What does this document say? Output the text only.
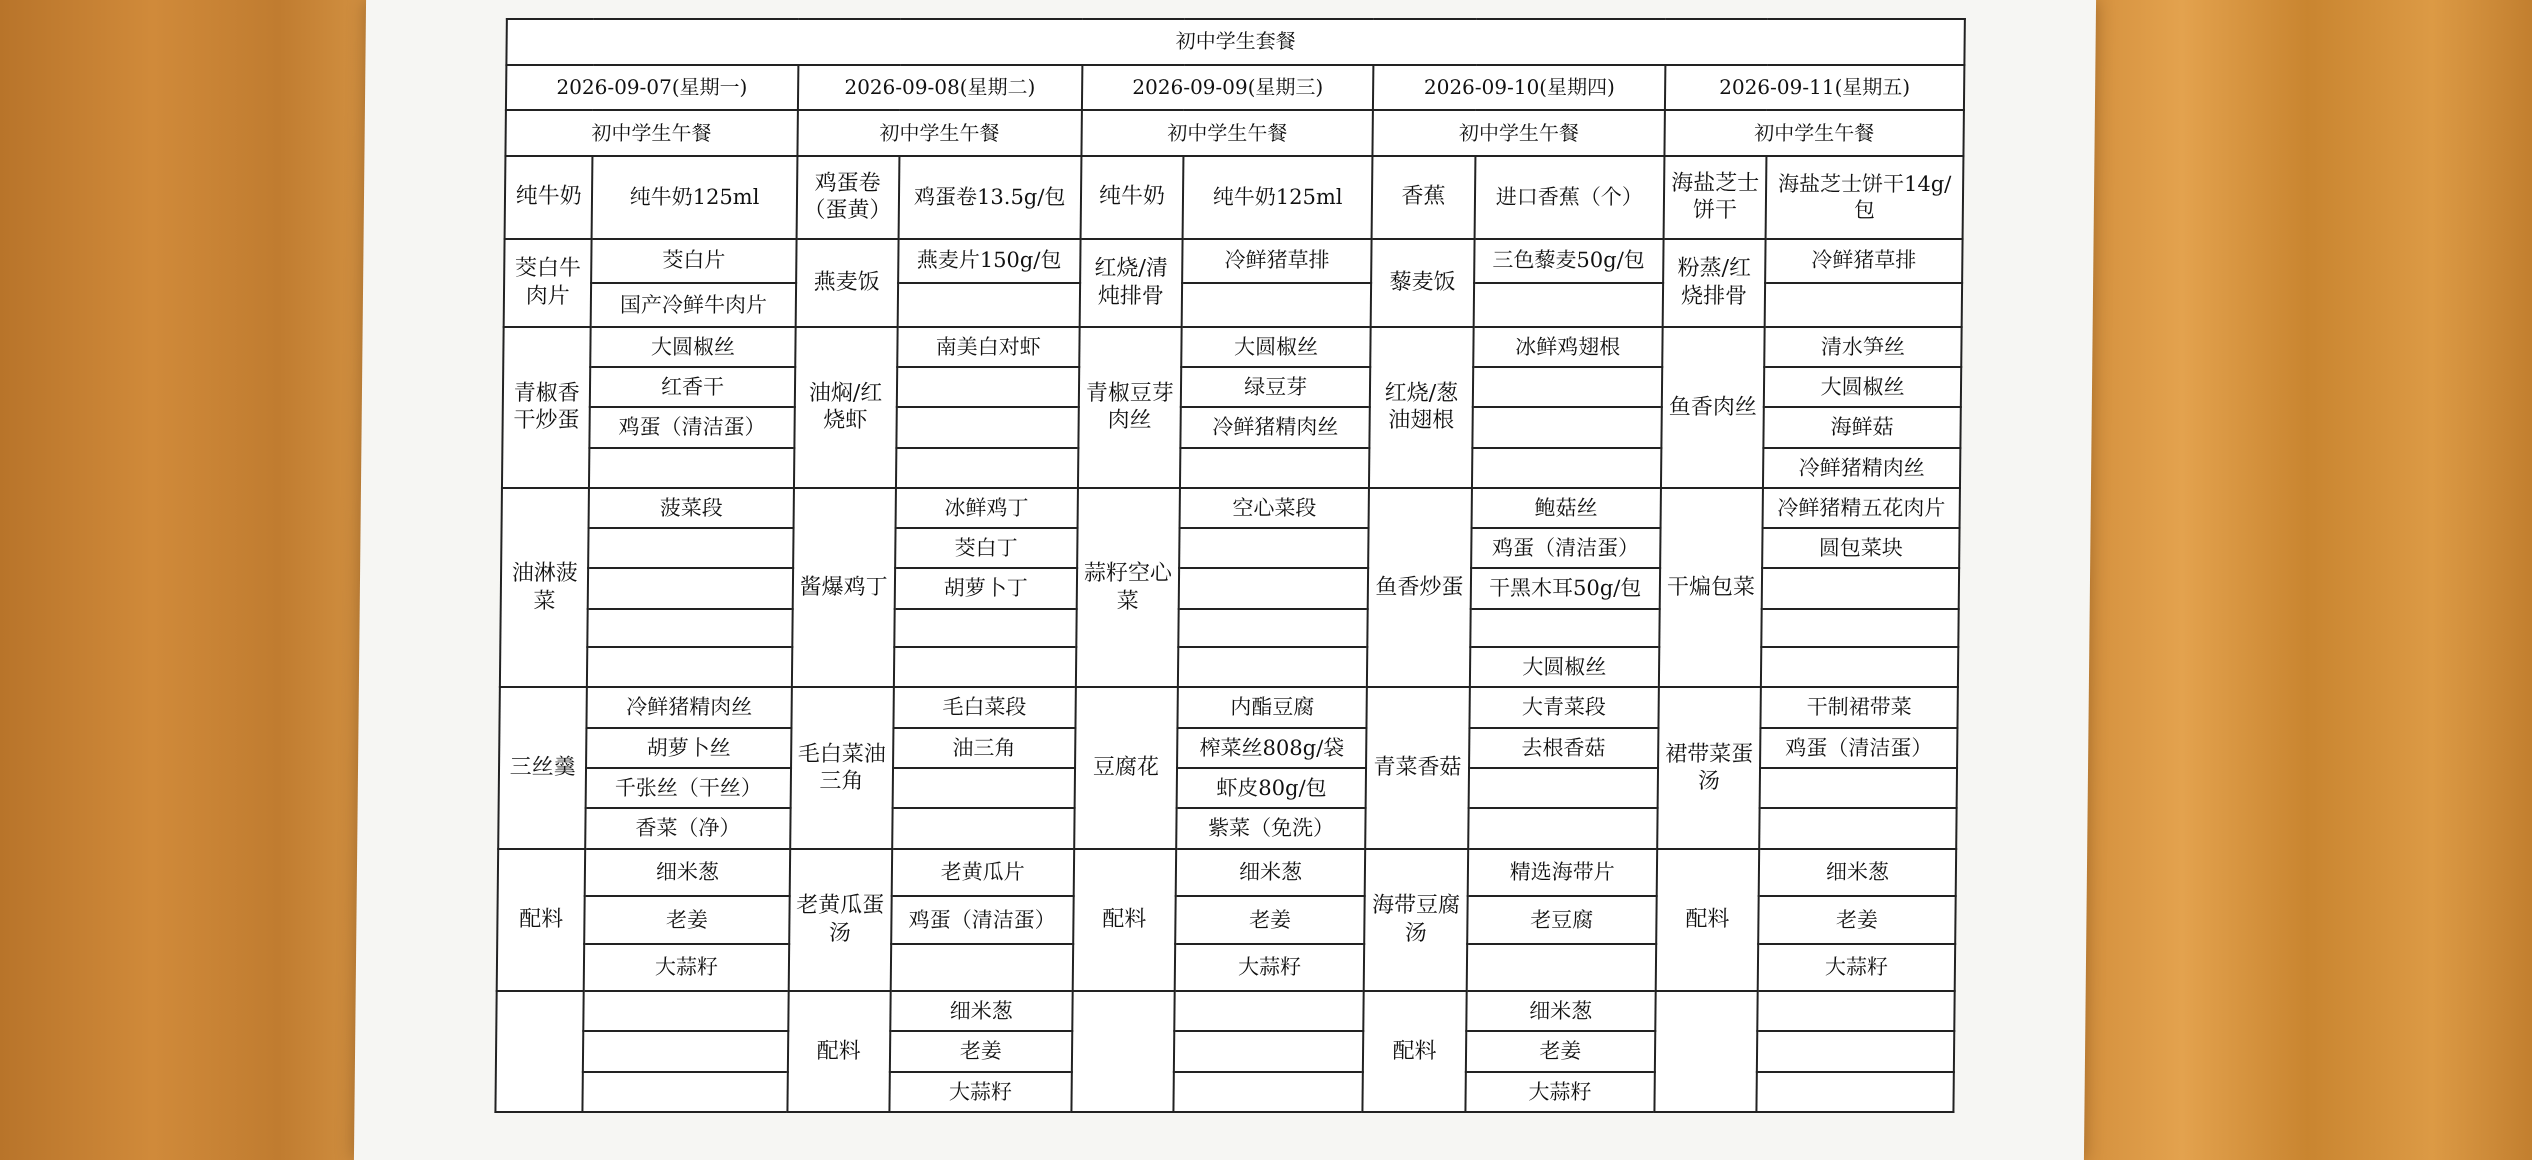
初中学生套餐									
2026-09-07(星期一)		2026-09-08(星期二)		2026-09-09(星期三)		2026-09-10(星期四)		2026-09-11(星期五)	
初中学生午餐		初中学生午餐		初中学生午餐		初中学生午餐		初中学生午餐	
纯牛奶	纯牛奶125ml	鸡蛋卷（蛋黄）	鸡蛋卷13.5g/包	纯牛奶	纯牛奶125ml	香蕉	进口香蕉（个）	海盐芝士饼干	海盐芝士饼干14g/包
茭白牛肉片	茭白片	燕麦饭	燕麦片150g/包	红烧/清炖排骨	冷鲜猪草排	藜麦饭	三色藜麦50g/包	粉蒸/红烧排骨	冷鲜猪草排
	国产冷鲜牛肉片								
青椒香干炒蛋	大圆椒丝	油焖/红烧虾	南美白对虾	青椒豆芽肉丝	大圆椒丝	红烧/葱油翅根	冰鲜鸡翅根	鱼香肉丝	清水笋丝
	红香干				绿豆芽				大圆椒丝
	鸡蛋（清洁蛋）				冷鲜猪精肉丝				海鲜菇
									冷鲜猪精肉丝
油淋菠菜	菠菜段	酱爆鸡丁	冰鲜鸡丁	蒜籽空心菜	空心菜段	鱼香炒蛋	鲍菇丝	干煸包菜	冷鲜猪精五花肉片
			茭白丁				鸡蛋（清洁蛋）		圆包菜块
			胡萝卜丁				干黑木耳50g/包		

							大圆椒丝		
三丝羹	冷鲜猪精肉丝	毛白菜油三角	毛白菜段	豆腐花	内酯豆腐	青菜香菇	大青菜段	裙带菜蛋汤	干制裙带菜
	胡萝卜丝		油三角		榨菜丝808g/袋		去根香菇		鸡蛋（清洁蛋）
	千张丝（干丝）				虾皮80g/包				
	香菜（净）				紫菜（免洗）				
配料	细米葱	老黄瓜蛋汤	老黄瓜片	配料	细米葱	海带豆腐汤	精选海带片	配料	细米葱
	老姜		鸡蛋（清洁蛋）		老姜		老豆腐		老姜
	大蒜籽				大蒜籽				大蒜籽
		配料	细米葱			配料	细米葱		
			老姜				老姜		
			大蒜籽				大蒜籽		
